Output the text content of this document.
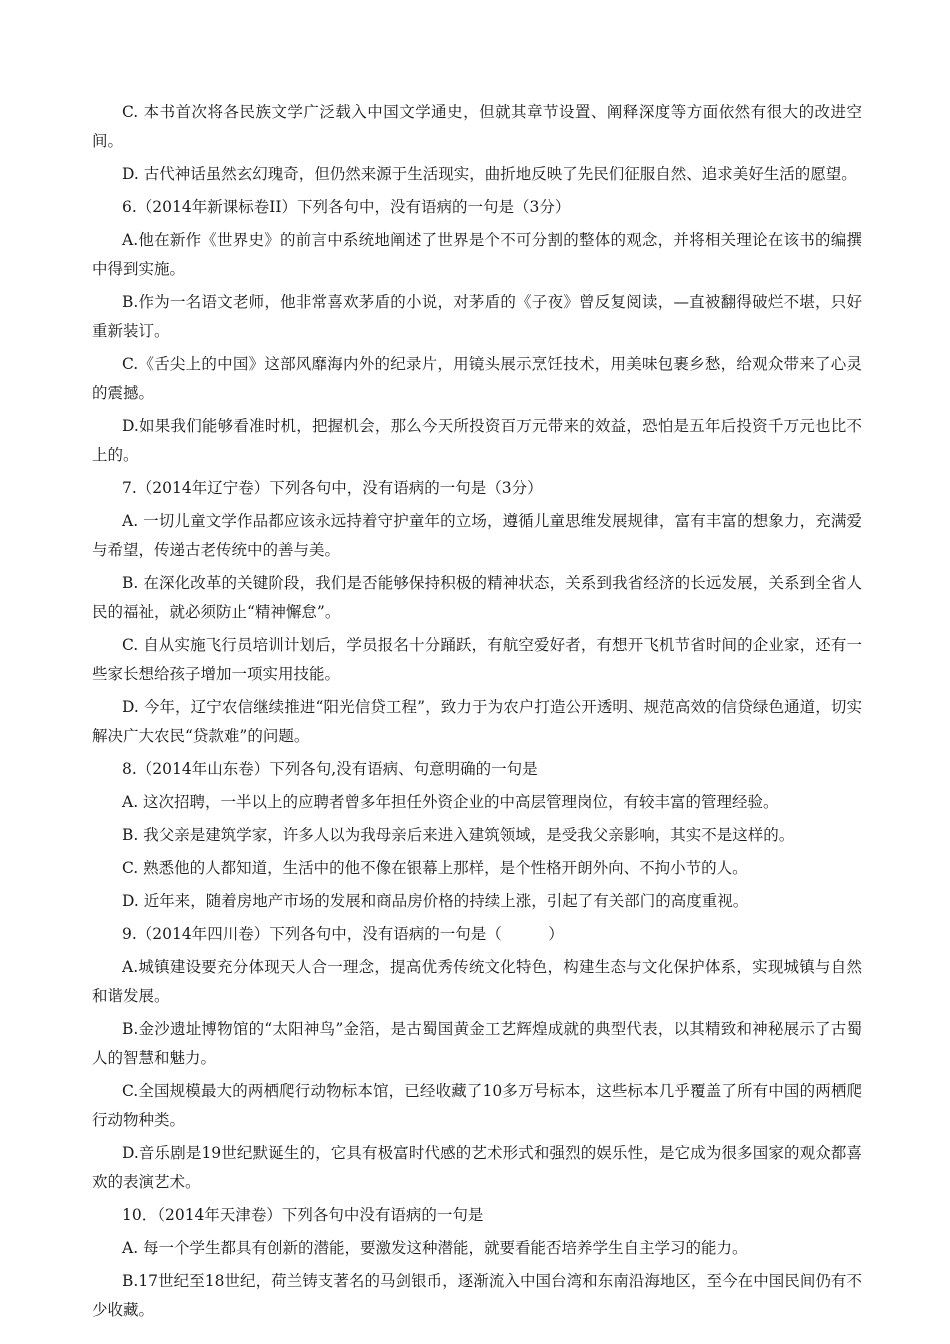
C. 本书首次将各民族文学广泛载入中国文学通史，但就其章节设置、阐释深度等方面依然有很大的改进空间。

D. 古代神话虽然玄幻瑰奇，但仍然来源于生活现实，曲折地反映了先民们征服自然、追求美好生活的愿望。

6.（2014年新课标卷II）下列各句中，没有语病的一句是（3分）

A.他在新作《世界史》的前言中系统地阐述了世界是个不可分割的整体的观念，并将相关理论在该书的编撰中得到实施。

B.作为一名语文老师，他非常喜欢茅盾的小说，对茅盾的《子夜》曾反复阅读，—直被翻得破烂不堪，只好重新装订。

C.《舌尖上的中国》这部风靡海内外的纪录片，用镜头展示烹饪技术，用美味包裹乡愁，给观众带来了心灵的震撼。

D.如果我们能够看准时机，把握机会，那么今天所投资百万元带来的效益，恐怕是五年后投资千万元也比不上的。

7.（2014年辽宁卷）下列各句中，没有语病的一句是（3分）

A. 一切儿童文学作品都应该永远持着守护童年的立场，遵循儿童思维发展规律，富有丰富的想象力，充满爱与希望，传递古老传统中的善与美。

B. 在深化改革的关键阶段，我们是否能够保持积极的精神状态，关系到我省经济的长远发展，关系到全省人民的福祉，就必须防止“精神懈怠”。

C. 自从实施飞行员培训计划后，学员报名十分踊跃，有航空爱好者，有想开飞机节省时间的企业家，还有一些家长想给孩子增加一项实用技能。

D. 今年，辽宁农信继续推进“阳光信贷工程”，致力于为农户打造公开透明、规范高效的信贷绿色通道，切实解决广大农民“贷款难”的问题。

8.（2014年山东卷）下列各句,没有语病、句意明确的一句是

A. 这次招聘，一半以上的应聘者曾多年担任外资企业的中高层管理岗位，有较丰富的管理经验。

B. 我父亲是建筑学家，许多人以为我母亲后来进入建筑领域，是受我父亲影响，其实不是这样的。

C. 熟悉他的人都知道，生活中的他不像在银幕上那样，是个性格开朗外向、不拘小节的人。

D. 近年来，随着房地产市场的发展和商品房价格的持续上涨，引起了有关部门的高度重视。

9.（2014年四川卷）下列各句中，没有语病的一句是（　　　）

A.城镇建设要充分体现天人合一理念，提高优秀传统文化特色，构建生态与文化保护体系，实现城镇与自然和谐发展。

B.金沙遗址博物馆的“太阳神鸟”金箔，是古蜀国黄金工艺辉煌成就的典型代表，以其精致和神秘展示了古蜀人的智慧和魅力。

C.全国规模最大的两栖爬行动物标本馆，已经收藏了10多万号标本，这些标本几乎覆盖了所有中国的两栖爬行动物种类。

D.音乐剧是19世纪默诞生的，它具有极富时代感的艺术形式和强烈的娱乐性，是它成为很多国家的观众都喜欢的表演艺术。

10．（2014年天津卷）下列各句中没有语病的一句是

A. 每一个学生都具有创新的潜能，要激发这种潜能，就要看能否培养学生自主学习的能力。

B.17世纪至18世纪，荷兰铸支著名的马剑银币，逐渐流入中国台湾和东南沿海地区，至今在中国民间仍有不少收藏。
